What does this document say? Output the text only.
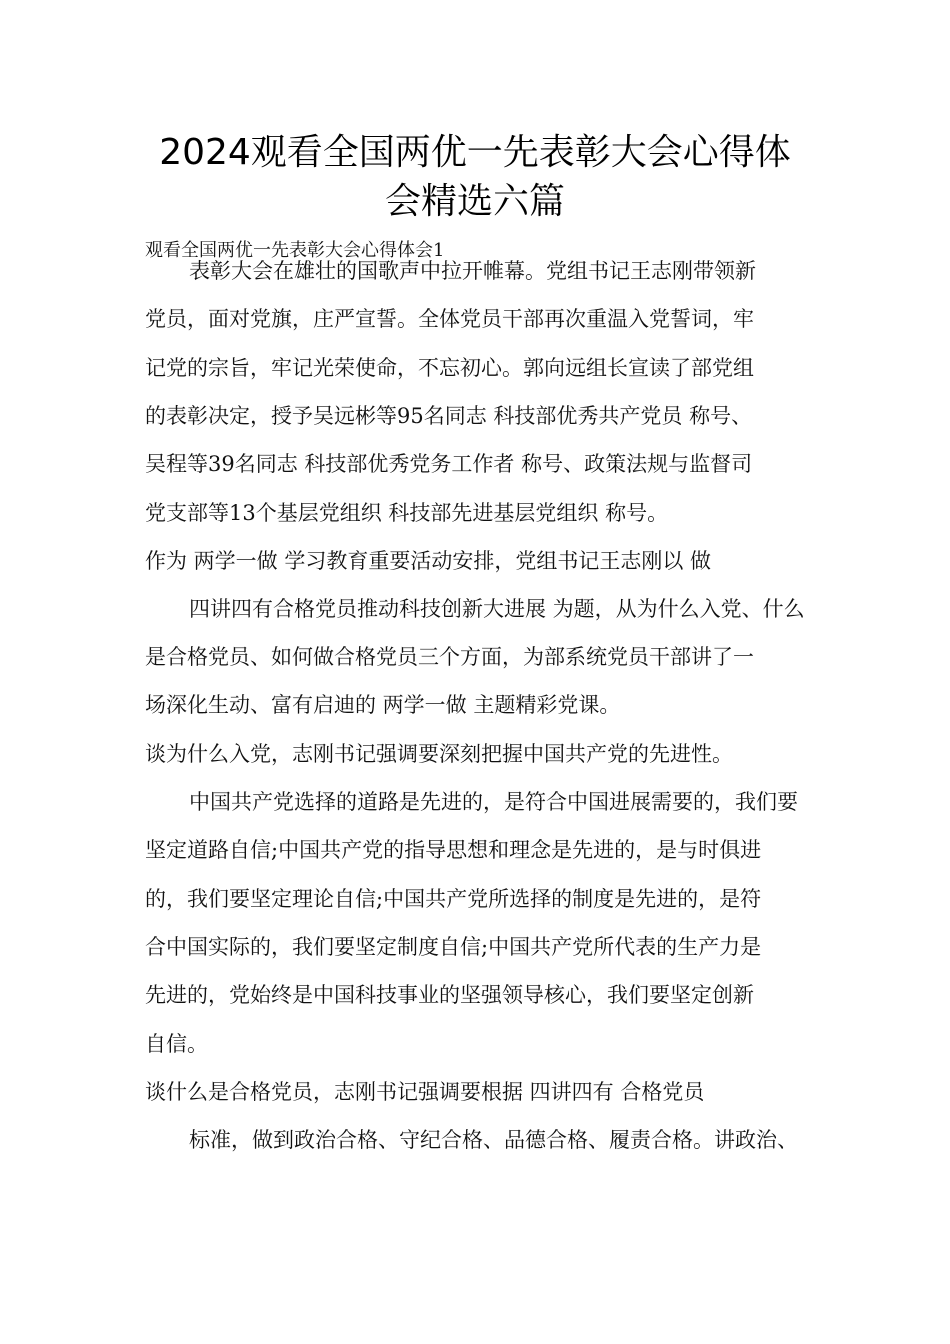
2024观看全国两优一先表彰大会心得体
会精选六篇
观看全国两优一先表彰大会心得体会1
表彰大会在雄壮的国歌声中拉开帷幕。党组书记王志刚带领新
党员，面对党旗，庄严宣誓。全体党员干部再次重温入党誓词，牢
记党的宗旨，牢记光荣使命，不忘初心。郭向远组长宣读了部党组
的表彰决定，授予吴远彬等95名同志 科技部优秀共产党员 称号、
吴程等39名同志 科技部优秀党务工作者 称号、政策法规与监督司
党支部等13个基层党组织 科技部先进基层党组织 称号。
作为 两学一做 学习教育重要活动安排，党组书记王志刚以 做
四讲四有合格党员推动科技创新大进展 为题，从为什么入党、什么
是合格党员、如何做合格党员三个方面，为部系统党员干部讲了一
场深化生动、富有启迪的 两学一做 主题精彩党课。
谈为什么入党，志刚书记强调要深刻把握中国共产党的先进性。
中国共产党选择的道路是先进的，是符合中国进展需要的，我们要
坚定道路自信;中国共产党的指导思想和理念是先进的，是与时俱进
的，我们要坚定理论自信;中国共产党所选择的制度是先进的，是符
合中国实际的，我们要坚定制度自信;中国共产党所代表的生产力是
先进的，党始终是中国科技事业的坚强领导核心，我们要坚定创新
自信。
谈什么是合格党员，志刚书记强调要根据 四讲四有 合格党员
标准，做到政治合格、守纪合格、品德合格、履责合格。讲政治、
